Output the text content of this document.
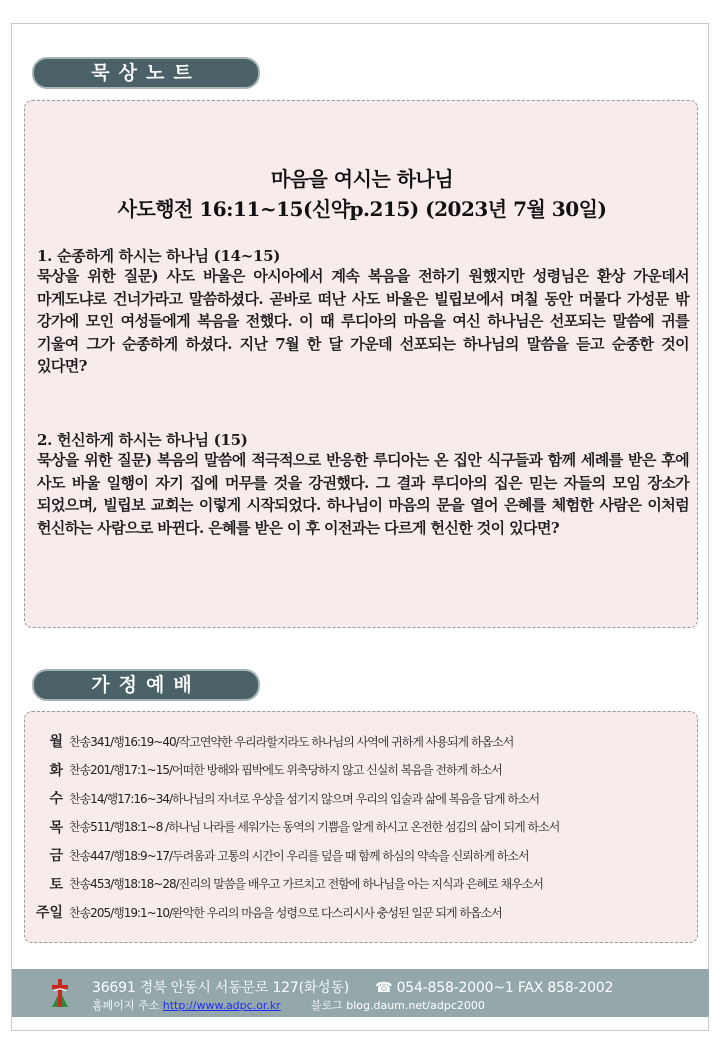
묵상노트
마음을 여시는 하나님
사도행전 16:11~15(신약p.215) (2023년 7월 30일)
1. 순종하게 하시는 하나님 (14~15)
묵상을 위한 질문) 사도 바울은 아시아에서 계속 복음을 전하기 원했지만 성령님은 환상 가운데서 마게도냐로 건너가라고 말씀하셨다. 곧바로 떠난 사도 바울은 빌립보에서 며칠 동안 머물다 가성문 밖 강가에 모인 여성들에게 복음을 전했다. 이 때 루디아의 마음을 여신 하나님은 선포되는 말씀에 귀를 기울여 그가 순종하게 하셨다. 지난 7월 한 달 가운데 선포되는 하나님의 말씀을 듣고 순종한 것이 있다면?
2. 헌신하게 하시는 하나님 (15)
묵상을 위한 질문) 복음의 말씀에 적극적으로 반응한 루디아는 온 집안 식구들과 함께 세례를 받은 후에 사도 바울 일행이 자기 집에 머무를 것을 강권했다. 그 결과 루디아의 집은 믿는 자들의 모임 장소가 되었으며, 빌립보 교회는 이렇게 시작되었다. 하나님이 마음의 문을 열어 은혜를 체험한 사람은 이처럼 헌신하는 사람으로 바뀐다. 은혜를 받은 이 후 이전과는 다르게 헌신한 것이 있다면?
가정예배
월 찬송341/행16:19~40/작고연약한 우리라할지라도 하나님의 사역에 귀하게 사용되게 하옵소서
화 찬송201/행17:1~15/어떠한 방해와 핍박에도 위축당하지 않고 신실히 복음을 전하게 하소서
수 찬송14/행17:16~34/하나님의 자녀로 우상을 섬기지 않으며 우리의 입술과 삶에 복음을 담게 하소서
목 찬송511/행18:1~8 /하나님 나라를 세워가는 동역의 기쁨을 알게 하시고 온전한 섬김의 삶이 되게 하소서
금 찬송447/행18:9~17/두려움과 고통의 시간이 우리를 덮을 때 함께 하심의 약속을 신뢰하게 하소서
토 찬송453/행18:18~28/진리의 말씀을 배우고 가르치고 전함에 하나님을 아는 지식과 은혜로 채우소서
주일 찬송205/행19:1~10/완악한 우리의 마음을 성령으로 다스리시사 충성된 일꾼 되게 하옵소서
36691 경북 안동시 서동문로 127(화성동) ☎ 054-858-2000~1 FAX 858-2002
홈페이지 주소 http://www.adpc.or.kr	블로그 blog.daum.net/adpc2000
